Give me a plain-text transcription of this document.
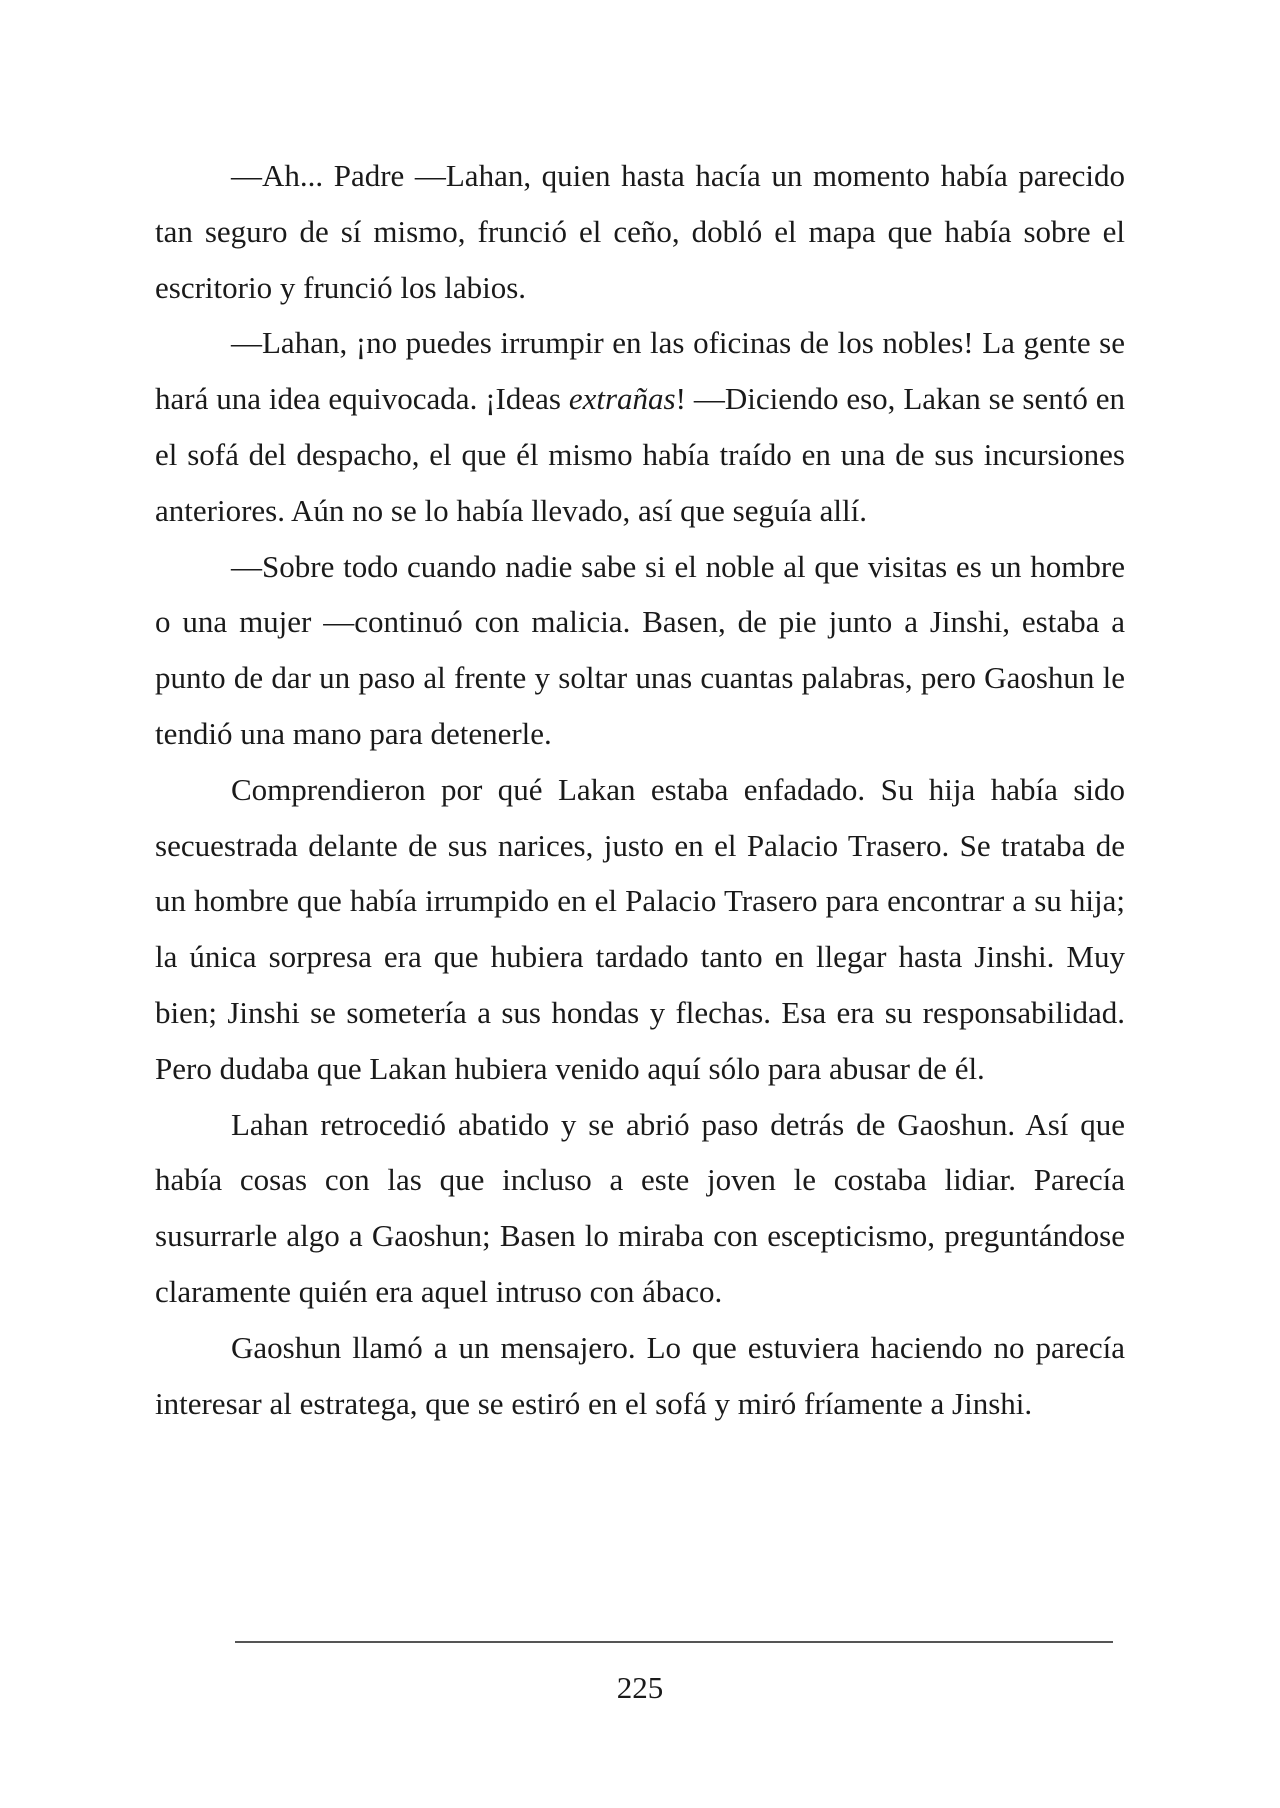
—Ah... Padre —Lahan, quien hasta hacía un momento había parecido tan seguro de sí mismo, frunció el ceño, dobló el mapa que había sobre el escritorio y frunció los labios.

—Lahan, ¡no puedes irrumpir en las oficinas de los nobles! La gente se hará una idea equivocada. ¡Ideas extrañas! —Diciendo eso, Lakan se sentó en el sofá del despacho, el que él mismo había traído en una de sus incursiones anteriores. Aún no se lo había llevado, así que seguía allí.

—Sobre todo cuando nadie sabe si el noble al que visitas es un hombre o una mujer —continuó con malicia. Basen, de pie junto a Jinshi, estaba a punto de dar un paso al frente y soltar unas cuantas palabras, pero Gaoshun le tendió una mano para detenerle.

Comprendieron por qué Lakan estaba enfadado. Su hija había sido secuestrada delante de sus narices, justo en el Palacio Trasero. Se trataba de un hombre que había irrumpido en el Palacio Trasero para encontrar a su hija; la única sorpresa era que hubiera tardado tanto en llegar hasta Jinshi. Muy bien; Jinshi se sometería a sus hondas y flechas. Esa era su responsabilidad. Pero dudaba que Lakan hubiera venido aquí sólo para abusar de él.

Lahan retrocedió abatido y se abrió paso detrás de Gaoshun. Así que había cosas con las que incluso a este joven le costaba lidiar. Parecía susurrarle algo a Gaoshun; Basen lo miraba con escepticismo, preguntándose claramente quién era aquel intruso con ábaco.

Gaoshun llamó a un mensajero. Lo que estuviera haciendo no parecía interesar al estratega, que se estiró en el sofá y miró fríamente a Jinshi.

225
